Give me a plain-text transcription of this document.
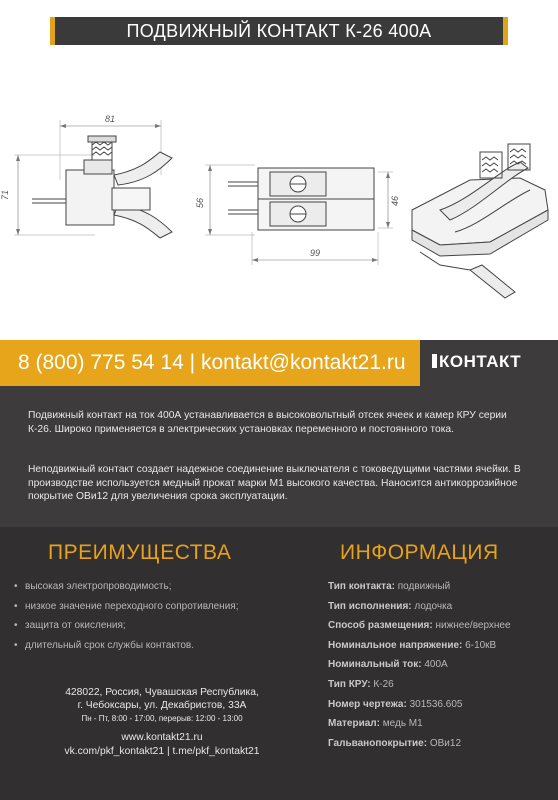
ПОДВИЖНЫЙ КОНТАКТ К-26 400А
81
71
56	46
99
8 (800) 775 54 14 | kontakt@kontakt21.ru	КОНТАКТ

Подвижный контакт на ток 400А устанавливается в высоковольтный отсек ячеек и камер КРУ серии К-26. Широко применяется в электрических установках переменного и постоянного тока.

Неподвижный контакт создает надежное соединение выключателя с токоведущими частями ячейки. В производстве используется медный прокат марки М1 высокого качества. Наносится антикоррозийное покрытие ОВи12 для увеличения срока эксплуатации.

ПРЕИМУЩЕСТВА	ИНФОРМАЦИЯ
• высокая электропроводимость;
• низкое значение переходного сопротивления;
• защита от окисления;
• длительный срок службы контактов.
Тип контакта: подвижный
Тип исполнения: лодочка
Способ размещения: нижнее/верхнее
Номинальное напряжение: 6-10кВ
Номинальный ток: 400А
Тип КРУ: К-26
Номер чертежа: 301536.605
Материал: медь М1
Гальванопокрытие: ОВи12
428022, Россия, Чувашская Республика,
г. Чебоксары, ул. Декабристов, 33А
Пн - Пт, 8:00 - 17:00, перерыв: 12:00 - 13:00
www.kontakt21.ru
vk.com/pkf_kontakt21 | t.me/pkf_kontakt21
